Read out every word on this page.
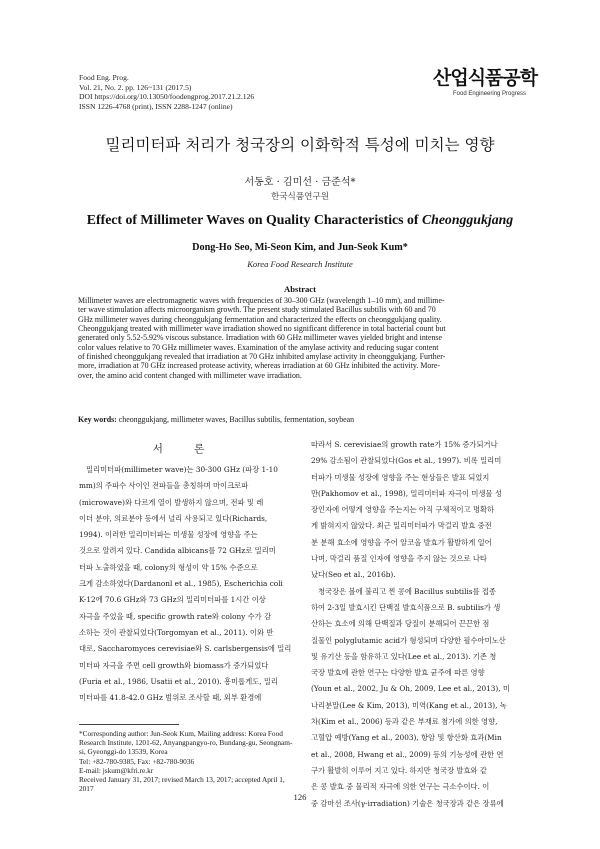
Food Eng. Prog.
Vol. 21, No. 2. pp. 126~131 (2017.5)
DOI https://doi.org/10.13050/foodengprog.2017.21.2.126
ISSN 1226-4768 (print), ISSN 2288-1247 (online)
산업식품공학
Food Engineering Progress
밀리미터파 처리가 청국장의 이화학적 특성에 미치는 영향
서동호 · 김미선 · 금준석*
한국식품연구원
Effect of Millimeter Waves on Quality Characteristics of Cheonggukjang
Dong-Ho Seo, Mi-Seon Kim, and Jun-Seok Kum*
Korea Food Research Institute
Abstract
Millimeter waves are electromagnetic waves with frequencies of 30–300 GHz (wavelength 1–10 mm), and millime-
ter wave stimulation affects microorganism growth. The present study stimulated Bacillus subtilis with 60 and 70
GHz millimeter waves during cheonggukjang fermentation and characterized the effects on cheonggukjang quality.
Cheonggukjang treated with millimeter wave irradiation showed no significant difference in total bacterial count but
generated only 5.52-5.92% viscous substance. Irradiation with 60 GHz millimeter waves yielded bright and intense
color values relative to 70 GHz millimeter waves. Examination of the amylase activity and reducing sugar content
of finished cheonggukjang revealed that irradiation at 70 GHz inhibited amylase activity in cheonggukjang. Further-
more, irradiation at 70 GHz increased protease activity, whereas irradiation at 60 GHz inhibited the activity. More-
over, the amino acid content changed with millimeter wave irradiation.
Key words: cheonggukjang, millimeter waves, Bacillus subtilis, fermentation, soybean
서 론
밀리미터파(millimeter wave)는 30-300 GHz (파장 1-10
mm)의 주파수 사이인 전파들을 총칭하며 마이크로파
(microwave)와 다르게 열이 발생하지 않으며, 전파 및 레
이더 분야, 의료분야 등에서 널리 사용되고 있다(Richards,
1994). 이러한 밀리미터파는 미생물 성장에 영향을 주는
것으로 알려져 있다. Candida albicans를 72 GHz로 밀리미
터파 노출하였을 때, colony의 형성이 약 15% 수준으로
크게 감소하였다(Dardanonl et al., 1985), Escherichia coli
K-12에 70.6 GHz와 73 GHz의 밀리미터파를 1시간 이상
자극을 주었을 때, specific growth rate와 colony 수가 감
소하는 것이 관찰되었다(Torgomyan et al., 2011). 이와 반
대로, Saccharomyces cerevisiae와 S. carlsbergensis에 밀리
미터파 자극을 주면 cell growth와 biomass가 증가되었다
(Furia et al., 1986, Usatii et al., 2010). 흥미롭게도, 밀리
미터파를 41.8-42.0 GHz 범위로 조사할 때, 외부 환경에
따라서 S. cerevisiae의 growth rate가 15% 증가되거나
29% 감소됨이 관찰되었다(Gos et al., 1997). 비록 밀리미
터파가 미생물 성장에 영향을 주는 현상들은 발표 되었지
만(Pakhomov et al., 1998), 밀리미터파 자극이 미생물 성
장인자에 어떻게 영향을 주는지는 아직 구체적이고 명확하
게 밝혀지지 않았다. 최근 밀리미터파가 막걸리 발효 중전
분 분해 효소에 영향을 주어 알코올 발효가 활발하게 일어
나며, 막걸리 품질 인자에 영향을 주지 않는 것으로 나타
났다(Seo et al., 2016b).
청국장은 볼에 불리고 찐 콩에 Bacillus subtilis를 접종
하여 2-3일 발효시킨 단백질 발효식품으로 B. subtilis가 생
산하는 효소에 의해 단백질과 당질이 분해되어 끈끈한 점
질물인 polyglutamic acid가 형성되며 다양한 필수아미노산
및 유기산 등을 함유하고 있다(Lee et al., 2013). 기존 청
국장 발효에 관한 연구는 다양한 발효 균주에 따른 영향
(Youn et al., 2002, Ju & Oh, 2009, Lee et al., 2013), 미
나리분말(Lee & Kim, 2013), 미역(Kang et al., 2013), 녹
차(Kim et al., 2006) 등과 같은 부재료 첨가에 의한 영향,
고혈압 예방(Yang et al., 2003), 항암 및 항산화 효과(Min
et al., 2008, Hwang et al., 2009) 등의 기능성에 관한 연
구가 활발히 이루어 지고 있다. 하지만 청국장 발효와 같
은 콩 발효 중 물리적 자극에 의한 연구는 극소수이다. 이
중 감마선 조사(γ-irradiation) 기술은 청국장과 같은 장류에
*Corresponding author: Jun-Seok Kum, Mailing address: Korea Food
Research Institute, 1201-62, Anyangpangyo-ro, Bundang-gu, Seongnam-
si, Gyeonggi-do 13539, Korea
Tel: +82-780-9385, Fax: +82-780-9036
E-mail: jskum@kfri.re.kr
Received January 31, 2017; revised March 13, 2017; accepted April 1,
2017
126
